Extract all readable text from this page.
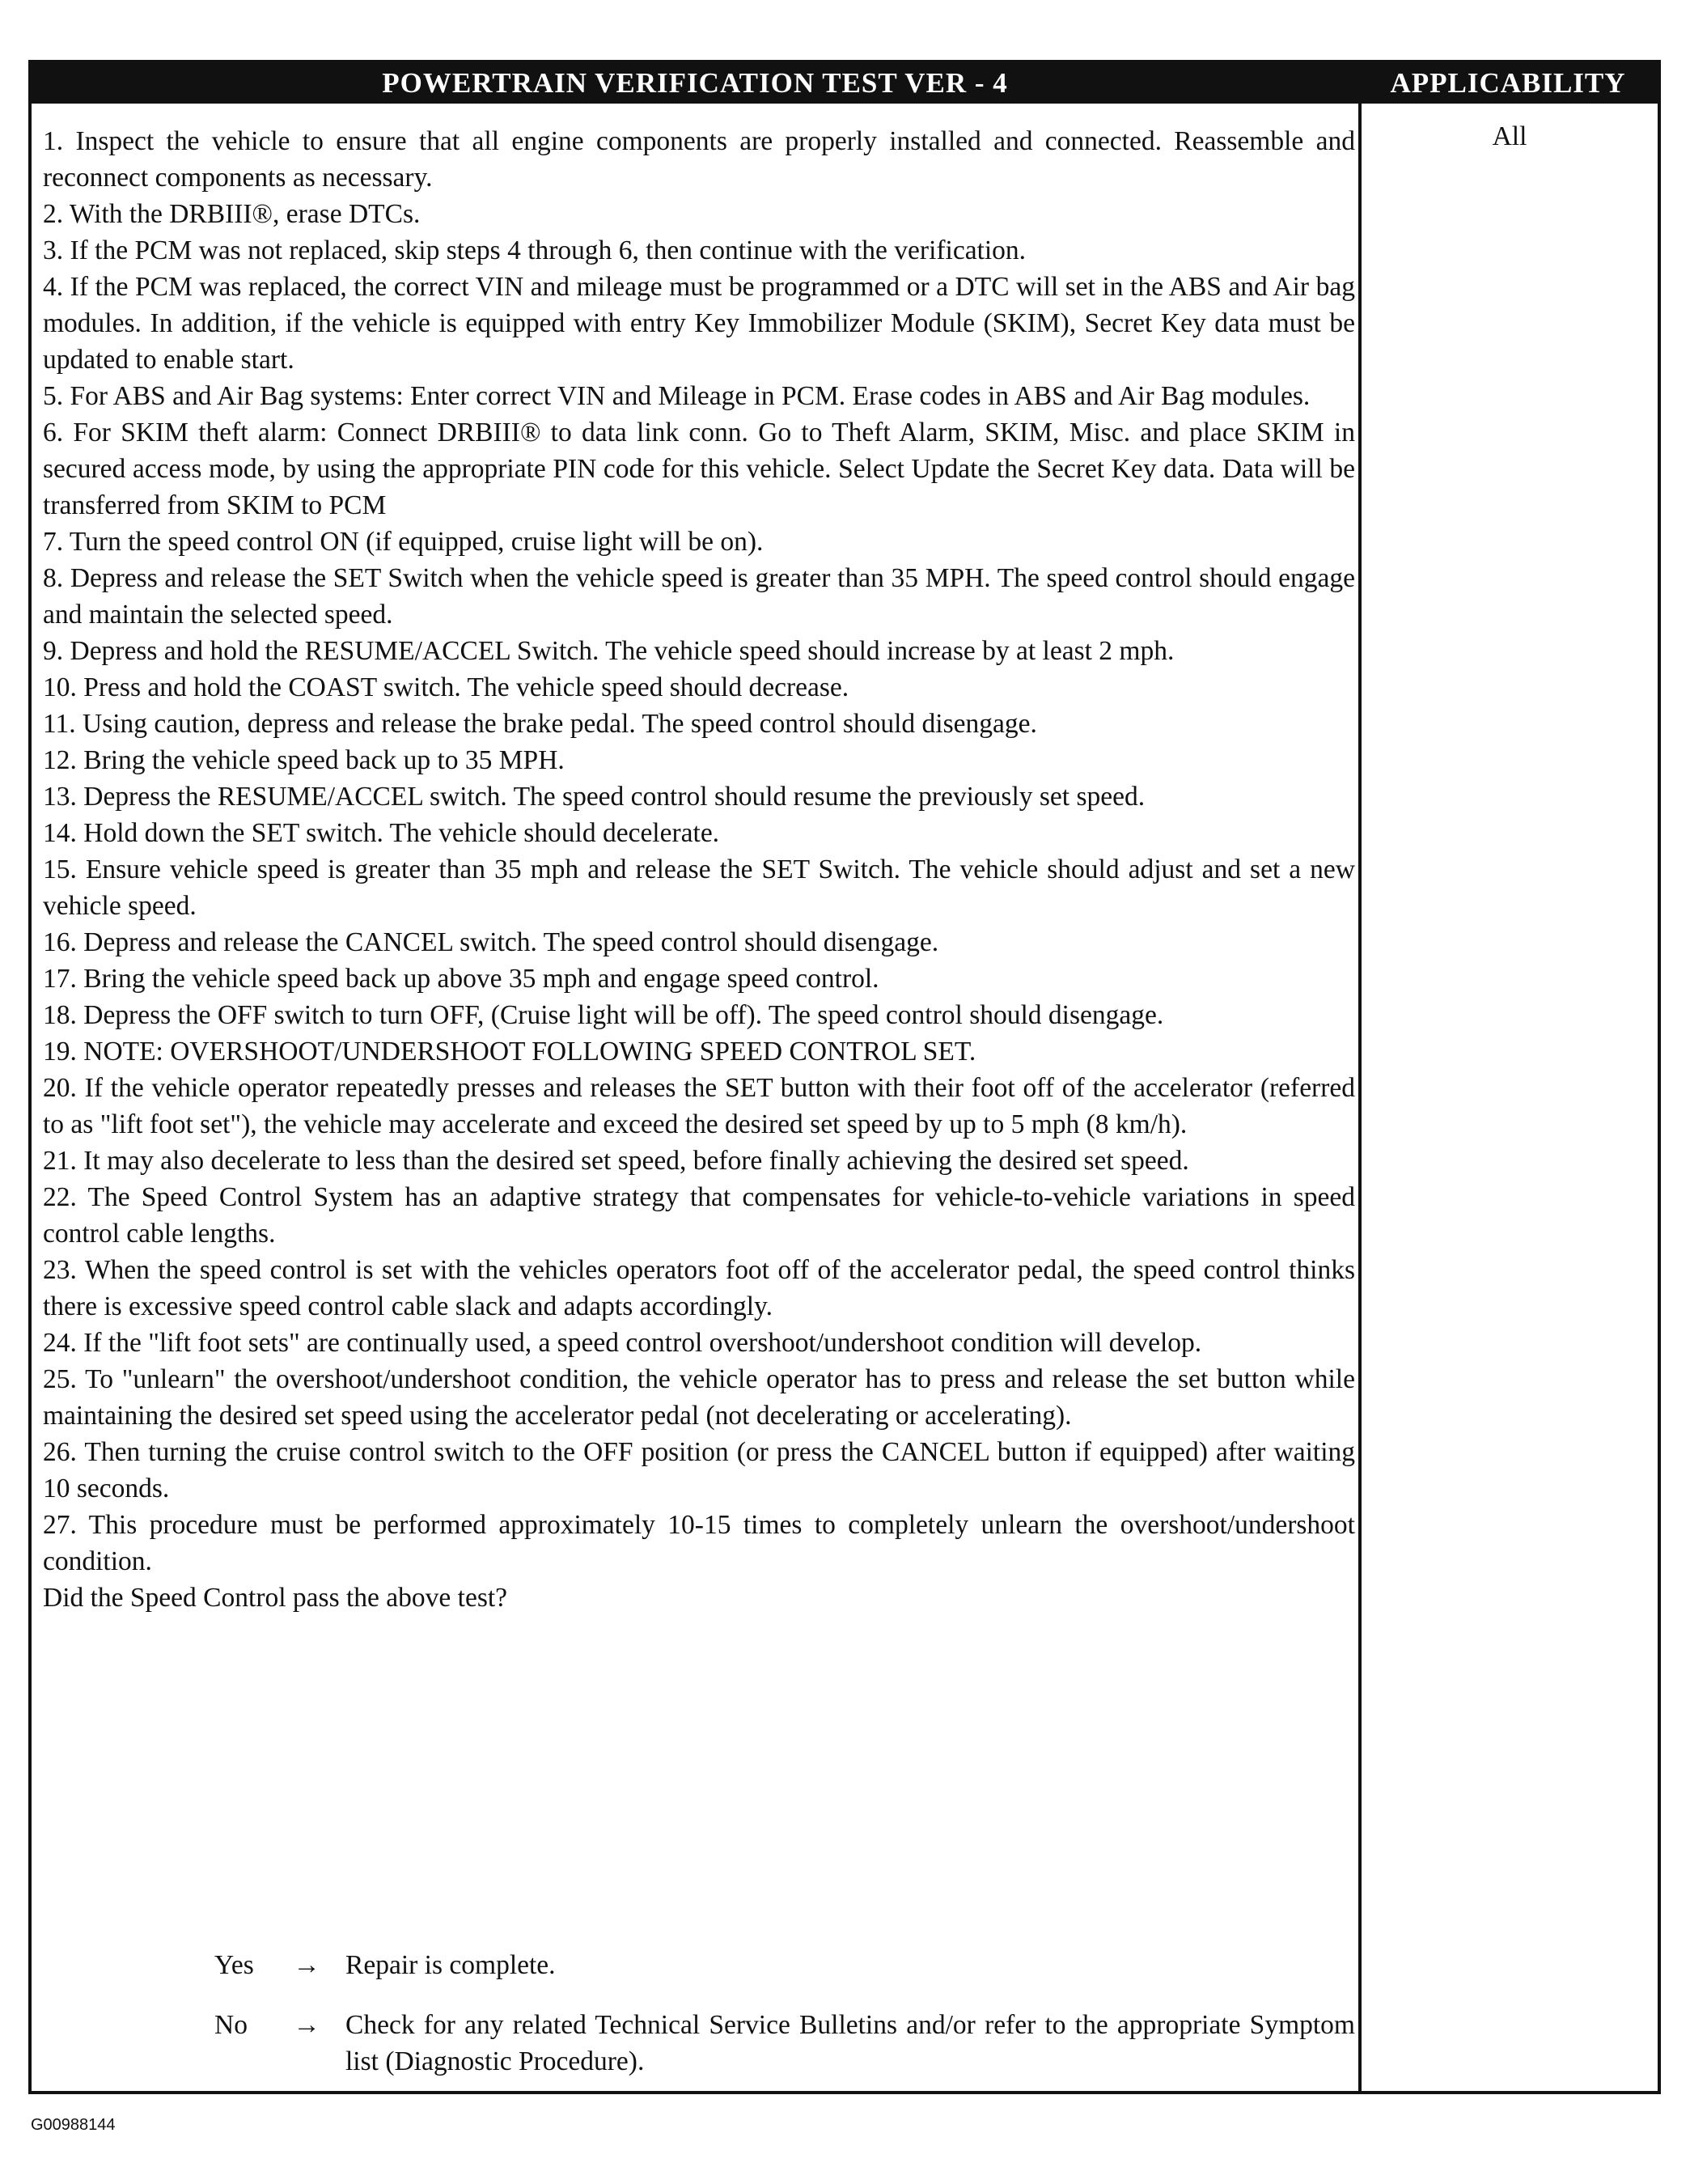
POWERTRAIN VERIFICATION TEST VER - 4	APPLICABILITY
1. Inspect the vehicle to ensure that all engine components are properly installed and connected. Reassemble and reconnect components as necessary.
2. With the DRBIII®, erase DTCs.
3. If the PCM was not replaced, skip steps 4 through 6, then continue with the verification.
4. If the PCM was replaced, the correct VIN and mileage must be programmed or a DTC will set in the ABS and Air bag modules. In addition, if the vehicle is equipped with entry Key Immobilizer Module (SKIM), Secret Key data must be updated to enable start.
5. For ABS and Air Bag systems: Enter correct VIN and Mileage in PCM. Erase codes in ABS and Air Bag modules.
6. For SKIM theft alarm: Connect DRBIII® to data link conn. Go to Theft Alarm, SKIM, Misc. and place SKIM in secured access mode, by using the appropriate PIN code for this vehicle. Select Update the Secret Key data. Data will be transferred from SKIM to PCM
7. Turn the speed control ON (if equipped, cruise light will be on).
8. Depress and release the SET Switch when the vehicle speed is greater than 35 MPH. The speed control should engage and maintain the selected speed.
9. Depress and hold the RESUME/ACCEL Switch. The vehicle speed should increase by at least 2 mph.
10. Press and hold the COAST switch. The vehicle speed should decrease.
11. Using caution, depress and release the brake pedal. The speed control should disengage.
12. Bring the vehicle speed back up to 35 MPH.
13. Depress the RESUME/ACCEL switch. The speed control should resume the previously set speed.
14. Hold down the SET switch. The vehicle should decelerate.
15. Ensure vehicle speed is greater than 35 mph and release the SET Switch. The vehicle should adjust and set a new vehicle speed.
16. Depress and release the CANCEL switch. The speed control should disengage.
17. Bring the vehicle speed back up above 35 mph and engage speed control.
18. Depress the OFF switch to turn OFF, (Cruise light will be off). The speed control should disengage.
19. NOTE: OVERSHOOT/UNDERSHOOT FOLLOWING SPEED CONTROL SET.
20. If the vehicle operator repeatedly presses and releases the SET button with their foot off of the accelerator (referred to as "lift foot set"), the vehicle may accelerate and exceed the desired set speed by up to 5 mph (8 km/h).
21. It may also decelerate to less than the desired set speed, before finally achieving the desired set speed.
22. The Speed Control System has an adaptive strategy that compensates for vehicle-to-vehicle variations in speed control cable lengths.
23. When the speed control is set with the vehicles operators foot off of the accelerator pedal, the speed control thinks there is excessive speed control cable slack and adapts accordingly.
24. If the "lift foot sets" are continually used, a speed control overshoot/undershoot condition will develop.
25. To "unlearn" the overshoot/undershoot condition, the vehicle operator has to press and release the set button while maintaining the desired set speed using the accelerator pedal (not decelerating or accelerating).
26. Then turning the cruise control switch to the OFF position (or press the CANCEL button if equipped) after waiting 10 seconds.
27. This procedure must be performed approximately 10-15 times to completely unlearn the overshoot/undershoot condition.
Did the Speed Control pass the above test?
Yes	→ Repair is complete.
No	→ Check for any related Technical Service Bulletins and/or refer to the appropriate Symptom list (Diagnostic Procedure).
All
G00988144
